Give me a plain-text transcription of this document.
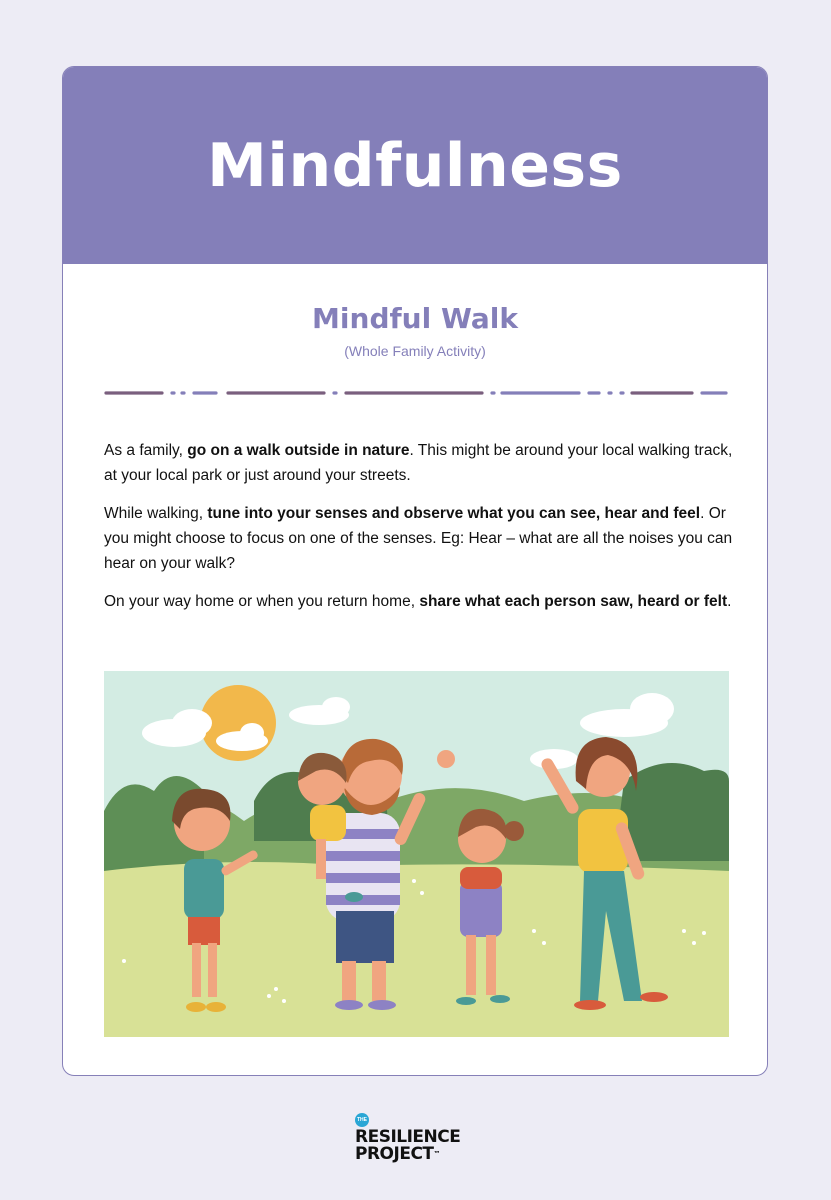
Mindfulness
Mindful Walk
(Whole Family Activity)

As a family, go on a walk outside in nature. This might be around your local walking track, at your local park or just around your streets.

While walking, tune into your senses and observe what you can see, hear and feel. Or you might choose to focus on one of the senses. Eg: Hear – what are all the noises you can hear on your walk?

On your way home or when you return home, share what each person saw, heard or felt.

THE
RESILIENCE
PROJECT™
